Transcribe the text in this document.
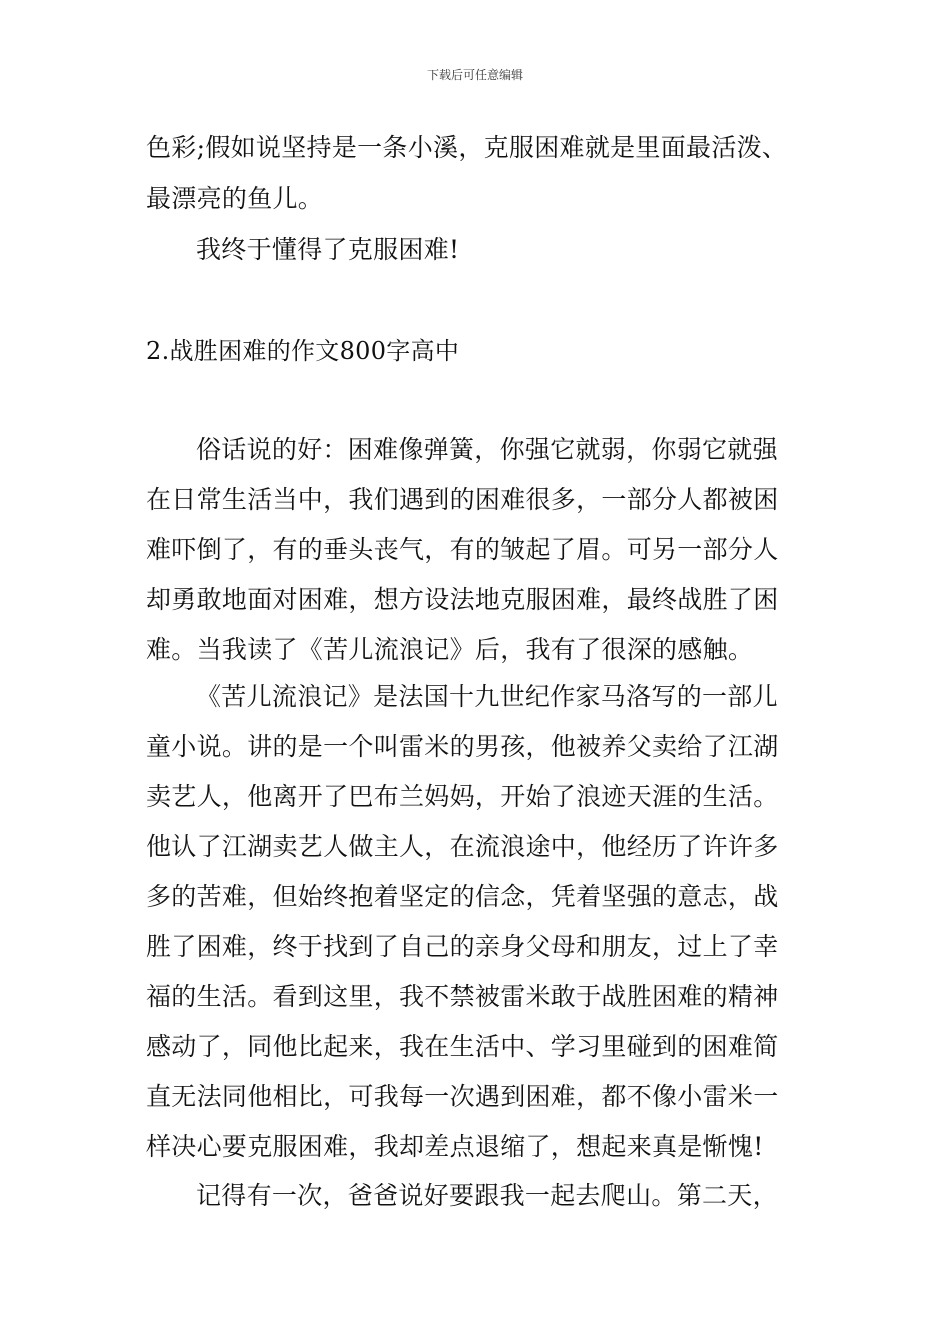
下载后可任意编辑
色彩;假如说坚持是一条小溪，克服困难就是里面最活泼、
最漂亮的鱼儿。
我终于懂得了克服困难!
2.战胜困难的作文800字高中
俗话说的好：困难像弹簧，你强它就弱，你弱它就强
在日常生活当中，我们遇到的困难很多，一部分人都被困
难吓倒了，有的垂头丧气，有的皱起了眉。可另一部分人
却勇敢地面对困难，想方设法地克服困难，最终战胜了困
难。当我读了《苦儿流浪记》后，我有了很深的感触。
《苦儿流浪记》是法国十九世纪作家马洛写的一部儿
童小说。讲的是一个叫雷米的男孩，他被养父卖给了江湖
卖艺人，他离开了巴布兰妈妈，开始了浪迹天涯的生活。
他认了江湖卖艺人做主人，在流浪途中，他经历了许许多
多的苦难，但始终抱着坚定的信念，凭着坚强的意志，战
胜了困难，终于找到了自己的亲身父母和朋友，过上了幸
福的生活。看到这里，我不禁被雷米敢于战胜困难的精神
感动了，同他比起来，我在生活中、学习里碰到的困难简
直无法同他相比，可我每一次遇到困难，都不像小雷米一
样决心要克服困难，我却差点退缩了，想起来真是惭愧!
记得有一次，爸爸说好要跟我一起去爬山。第二天，
